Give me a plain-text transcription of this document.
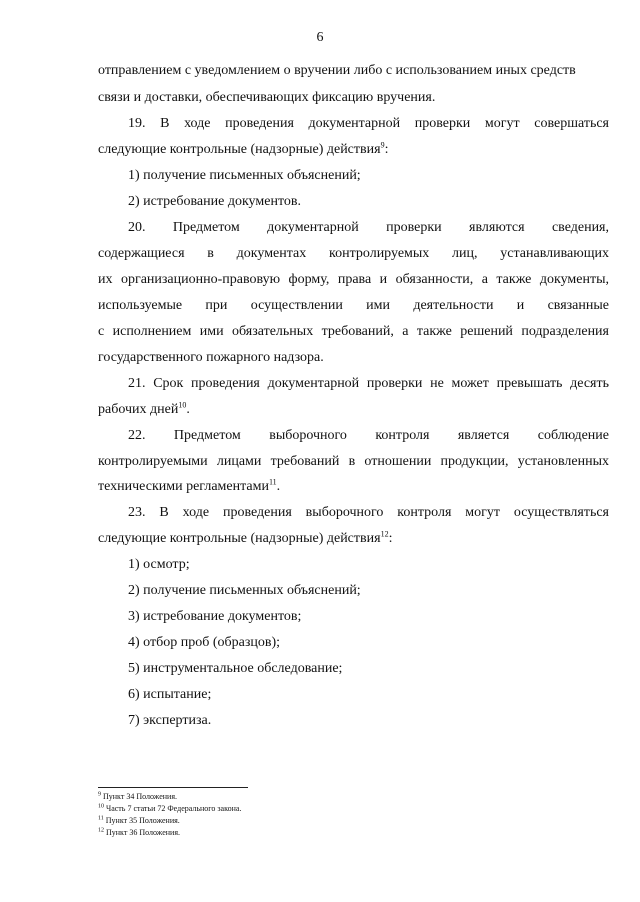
6
отправлением с уведомлением о вручении либо с использованием иных средств
связи и доставки, обеспечивающих фиксацию вручения.
19. В ходе проведения документарной проверки могут совершаться
следующие контрольные (надзорные) действия$^9$:
1) получение письменных объяснений;
2) истребование документов.
20. Предметом документарной проверки являются сведения,
содержащиеся в документах контролируемых лиц, устанавливающих
их организационно-правовую форму, права и обязанности, а также документы,
используемые при осуществлении ими деятельности и связанные
с исполнением ими обязательных требований, а также решений подразделения
государственного пожарного надзора.
21. Срок проведения документарной проверки не может превышать десять
рабочих дней$^{10}$.
22. Предметом выборочного контроля является соблюдение
контролируемыми лицами требований в отношении продукции, установленных
техническими регламентами$^{11}$.
23. В ходе проведения выборочного контроля могут осуществляться
следующие контрольные (надзорные) действия$^{12}$:
1) осмотр;
2) получение письменных объяснений;
3) истребование документов;
4) отбор проб (образцов);
5) инструментальное обследование;
6) испытание;
7) экспертиза.
$^9$ Пункт 34 Положения.
$^{10}$ Часть 7 статьи 72 Федерального закона.
$^{11}$ Пункт 35 Положения.
$^{12}$ Пункт 36 Положения.
